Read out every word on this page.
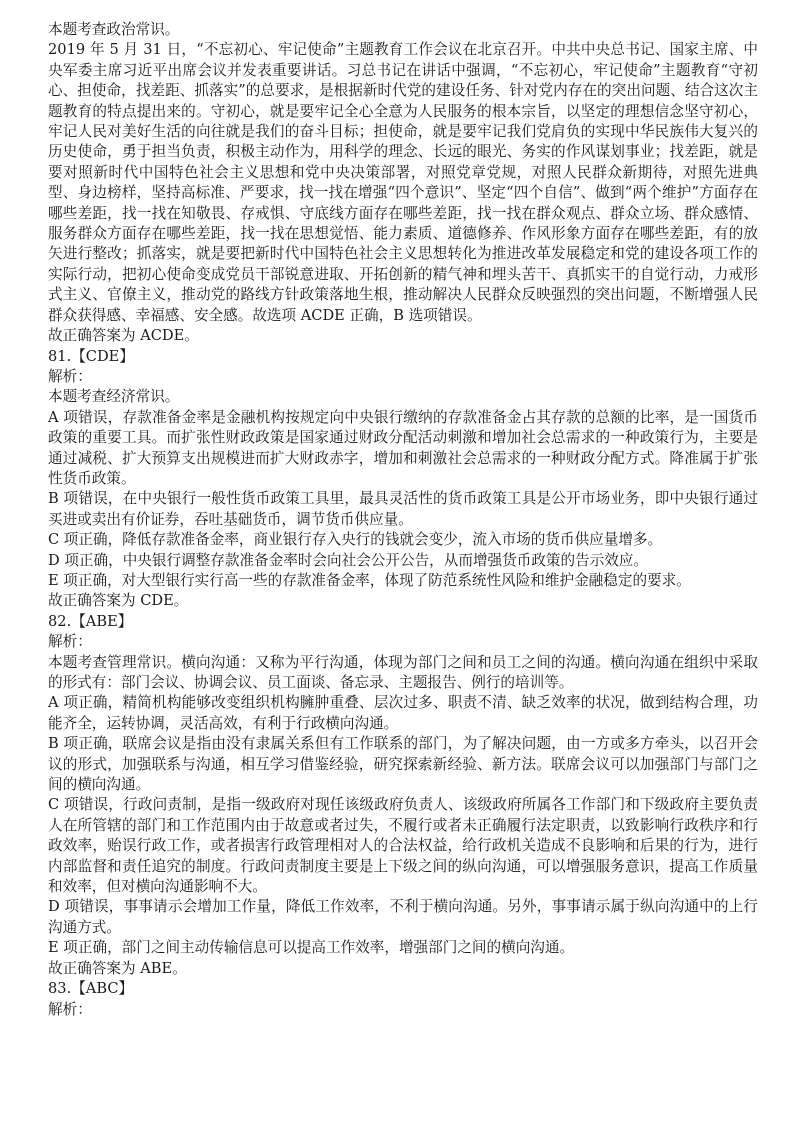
本题考查政治常识。

2019 年 5 月 31 日，“不忘初心、牢记使命”主题教育工作会议在北京召开。中共中央总书记、国家主席、中央军委主席习近平出席会议并发表重要讲话。习总书记在讲话中强调，“不忘初心，牢记使命”主题教育“守初心、担使命，找差距、抓落实”的总要求，是根据新时代党的建设任务、针对党内存在的突出问题、结合这次主题教育的特点提出来的。守初心，就是要牢记全心全意为人民服务的根本宗旨，以坚定的理想信念坚守初心，牢记人民对美好生活的向往就是我们的奋斗目标；担使命，就是要牢记我们党肩负的实现中华民族伟大复兴的历史使命，勇于担当负责，积极主动作为，用科学的理念、长远的眼光、务实的作风谋划事业；找差距，就是要对照新时代中国特色社会主义思想和党中央决策部署，对照党章党规，对照人民群众新期待，对照先进典型、身边榜样，坚持高标准、严要求，找一找在增强“四个意识”、坚定“四个自信”、做到“两个维护”方面存在哪些差距，找一找在知敬畏、存戒惧、守底线方面存在哪些差距，找一找在群众观点、群众立场、群众感情、服务群众方面存在哪些差距，找一找在思想觉悟、能力素质、道德修养、作风形象方面存在哪些差距，有的放矢进行整改；抓落实，就是要把新时代中国特色社会主义思想转化为推进改革发展稳定和党的建设各项工作的实际行动，把初心使命变成党员干部锐意进取、开拓创新的精气神和埋头苦干、真抓实干的自觉行动，力戒形式主义、官僚主义，推动党的路线方针政策落地生根，推动解决人民群众反映强烈的突出问题，不断增强人民群众获得感、幸福感、安全感。故选项 ACDE 正确，B 选项错误。

故正确答案为 ACDE。

81.【CDE】

解析：

本题考查经济常识。

A 项错误，存款准备金率是金融机构按规定向中央银行缴纳的存款准备金占其存款的总额的比率，是一国货币政策的重要工具。而扩张性财政政策是国家通过财政分配活动刺激和增加社会总需求的一种政策行为，主要是通过减税、扩大预算支出规模进而扩大财政赤字，增加和刺激社会总需求的一种财政分配方式。降准属于扩张性货币政策。

B 项错误，在中央银行一般性货币政策工具里，最具灵活性的货币政策工具是公开市场业务，即中央银行通过买进或卖出有价证券，吞吐基础货币，调节货币供应量。

C 项正确，降低存款准备金率，商业银行存入央行的钱就会变少，流入市场的货币供应量增多。

D 项正确，中央银行调整存款准备金率时会向社会公开公告，从而增强货币政策的告示效应。

E 项正确，对大型银行实行高一些的存款准备金率，体现了防范系统性风险和维护金融稳定的要求。

故正确答案为 CDE。

82.【ABE】

解析：

本题考查管理常识。横向沟通：又称为平行沟通，体现为部门之间和员工之间的沟通。横向沟通在组织中采取的形式有：部门会议、协调会议、员工面谈、备忘录、主题报告、例行的培训等。

A 项正确，精简机构能够改变组织机构臃肿重叠、层次过多、职责不清、缺乏效率的状况，做到结构合理，功能齐全，运转协调，灵活高效，有利于行政横向沟通。

B 项正确，联席会议是指由没有隶属关系但有工作联系的部门，为了解决问题，由一方或多方牵头，以召开会议的形式，加强联系与沟通，相互学习借鉴经验，研究探索新经验、新方法。联席会议可以加强部门与部门之间的横向沟通。

C 项错误，行政问责制，是指一级政府对现任该级政府负责人、该级政府所属各工作部门和下级政府主要负责人在所管辖的部门和工作范围内由于故意或者过失，不履行或者未正确履行法定职责，以致影响行政秩序和行政效率，贻误行政工作，或者损害行政管理相对人的合法权益，给行政机关造成不良影响和后果的行为，进行内部监督和责任追究的制度。行政问责制度主要是上下级之间的纵向沟通，可以增强服务意识，提高工作质量和效率，但对横向沟通影响不大。

D 项错误，事事请示会增加工作量，降低工作效率，不利于横向沟通。另外，事事请示属于纵向沟通中的上行沟通方式。

E 项正确，部门之间主动传输信息可以提高工作效率，增强部门之间的横向沟通。

故正确答案为 ABE。

83.【ABC】

解析：
